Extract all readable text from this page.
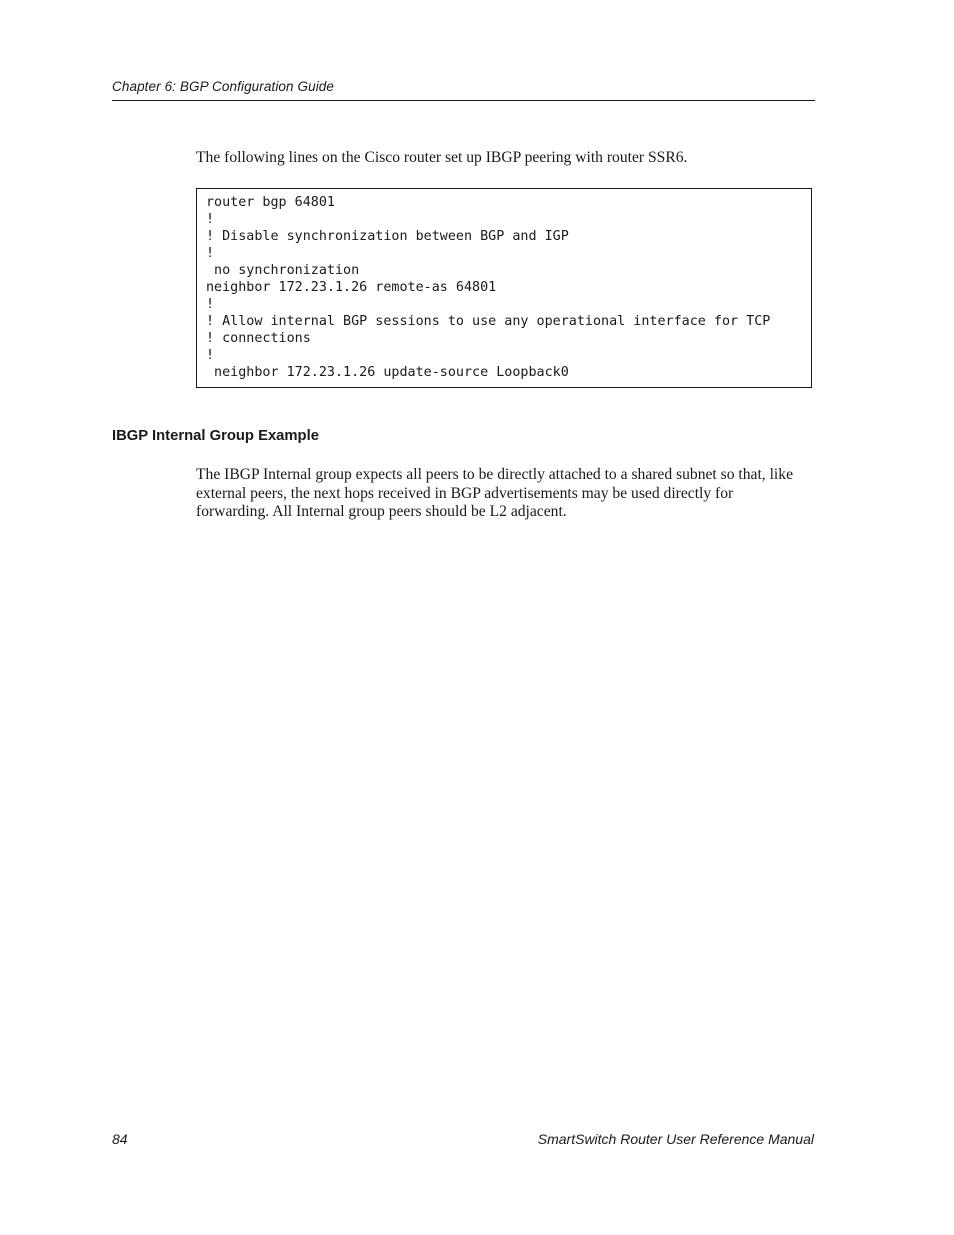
Chapter 6: BGP Configuration Guide

The following lines on the Cisco router set up IBGP peering with router SSR6.

router bgp 64801
!
! Disable synchronization between BGP and IGP
!
no synchronization
neighbor 172.23.1.26 remote-as 64801
!
! Allow internal BGP sessions to use any operational interface for TCP
! connections
!
neighbor 172.23.1.26 update-source Loopback0
IBGP Internal Group Example

The IBGP Internal group expects all peers to be directly attached to a shared subnet so that, like external peers, the next hops received in BGP advertisements may be used directly for forwarding. All Internal group peers should be L2 adjacent.

84	SmartSwitch Router User Reference Manual
